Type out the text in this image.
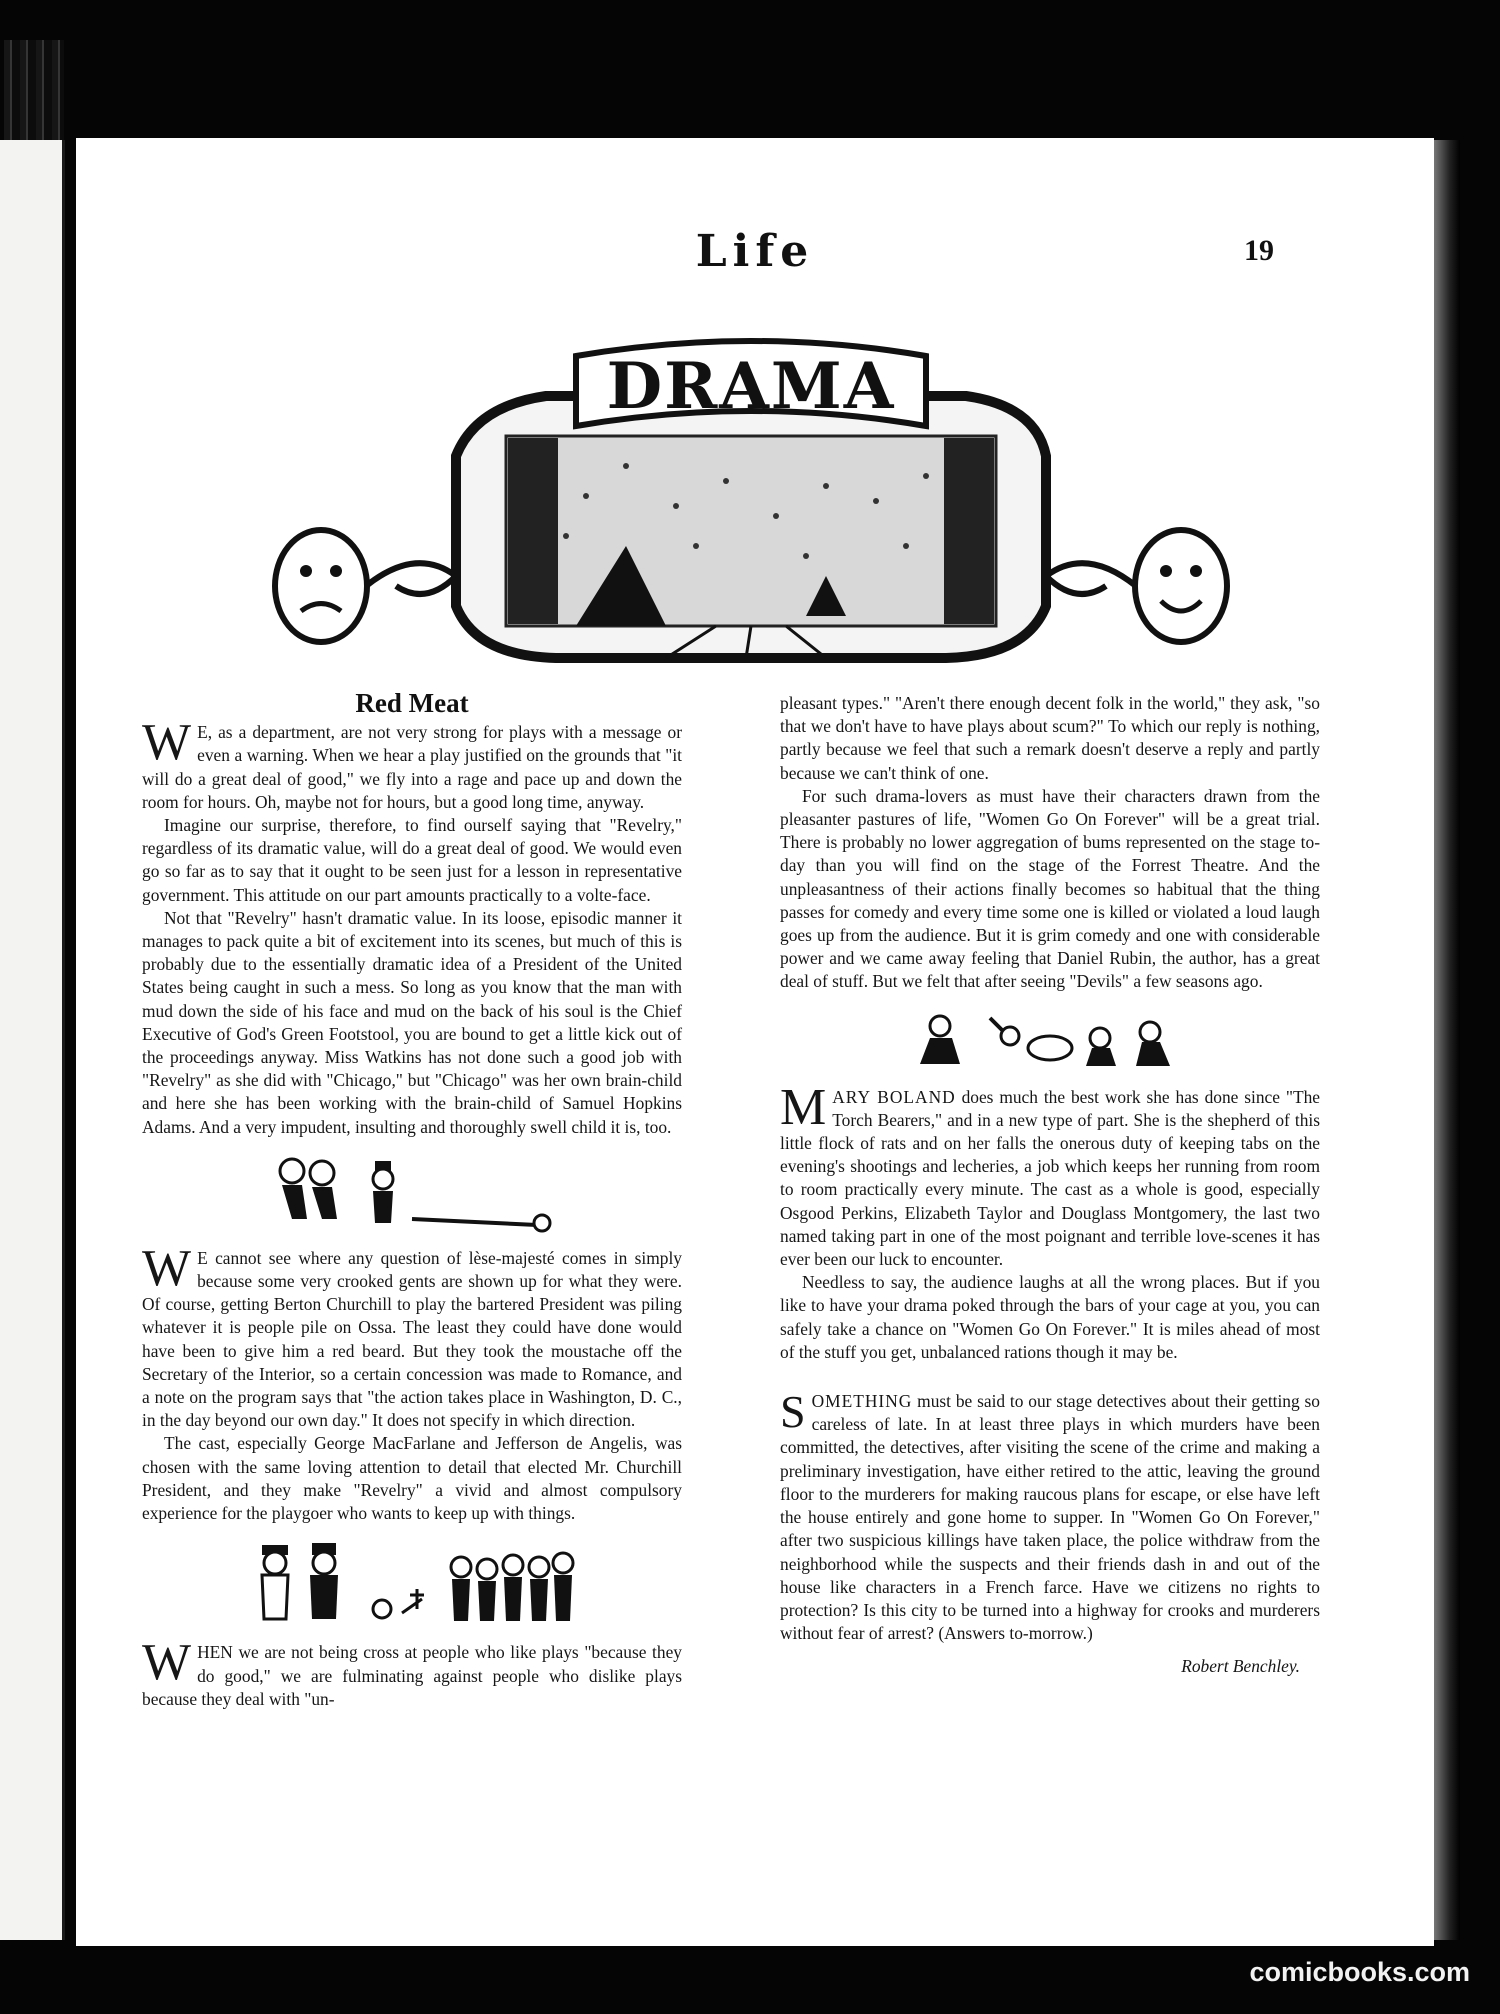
Life	19
DRAMA
Red Meat

W E, as a department, are not very strong for plays with a message or even a warning. When we hear a play justified on the grounds that "it will do a great deal of good," we fly into a rage and pace up and down the room for hours. Oh, maybe not for hours, but a good long time, anyway.

Imagine our surprise, therefore, to find ourself saying that "Revelry," regardless of its dramatic value, will do a great deal of good. We would even go so far as to say that it ought to be seen just for a lesson in representative government. This attitude on our part amounts practically to a volte-face.

Not that "Revelry" hasn't dramatic value. In its loose, episodic manner it manages to pack quite a bit of excitement into its scenes, but much of this is probably due to the essentially dramatic idea of a President of the United States being caught in such a mess. So long as you know that the man with mud down the side of his face and mud on the back of his soul is the Chief Executive of God's Green Footstool, you are bound to get a little kick out of the proceedings anyway. Miss Watkins has not done such a good job with "Revelry" as she did with "Chicago," but "Chicago" was her own brain-child and here she has been working with the brain-child of Samuel Hopkins Adams. And a very impudent, insulting and thoroughly swell child it is, too.

W E cannot see where any question of lèse-majesté comes in simply because some very crooked gents are shown up for what they were. Of course, getting Berton Churchill to play the bartered President was piling whatever it is people pile on Ossa. The least they could have done would have been to give him a red beard. But they took the moustache off the Secretary of the Interior, so a certain concession was made to Romance, and a note on the program says that "the action takes place in Washington, D. C., in the day beyond our own day." It does not specify in which direction.

The cast, especially George MacFarlane and Jefferson de Angelis, was chosen with the same loving attention to detail that elected Mr. Churchill President, and they make "Revelry" a vivid and almost compulsory experience for the playgoer who wants to keep up with things.

WHEN we are not being cross at people who like plays "because they do good," we are fulminating against people who dislike plays because they deal with "un-

pleasant types." "Aren't there enough decent folk in the world," they ask, "so that we don't have to have plays about scum?" To which our reply is nothing, partly because we feel that such a remark doesn't deserve a reply and partly because we can't think of one.

For such drama-lovers as must have their characters drawn from the pleasanter pastures of life, "Women Go On Forever" will be a great trial. There is probably no lower aggregation of bums represented on the stage to-day than you will find on the stage of the Forrest Theatre. And the unpleasantness of their actions finally becomes so habitual that the thing passes for comedy and every time some one is killed or violated a loud laugh goes up from the audience. But it is grim comedy and one with considerable power and we came away feeling that Daniel Rubin, the author, has a great deal of stuff. But we felt that after seeing "Devils" a few seasons ago.

MARY BOLAND does much the best work she has done since "The Torch Bearers," and in a new type of part. She is the shepherd of this little flock of rats and on her falls the onerous duty of keeping tabs on the evening's shootings and lecheries, a job which keeps her running from room to room practically every minute. The cast as a whole is good, especially Osgood Perkins, Elizabeth Taylor and Douglass Montgomery, the last two named taking part in one of the most poignant and terrible love-scenes it has ever been our luck to encounter.

Needless to say, the audience laughs at all the wrong places. But if you like to have your drama poked through the bars of your cage at you, you can safely take a chance on "Women Go On Forever." It is miles ahead of most of the stuff you get, unbalanced rations though it may be.

SOMETHING must be said to our stage detectives about their getting so careless of late. In at least three plays in which murders have been committed, the detectives, after visiting the scene of the crime and making a preliminary investigation, have either retired to the attic, leaving the ground floor to the murderers for making raucous plans for escape, or else have left the house entirely and gone home to supper. In "Women Go On Forever," after two suspicious killings have taken place, the police withdraw from the neighborhood while the suspects and their friends dash in and out of the house like characters in a French farce. Have we citizens no rights to protection? Is this city to be turned into a highway for crooks and murderers without fear of arrest? (Answers to-morrow.)

Robert Benchley.
comicbooks.com
